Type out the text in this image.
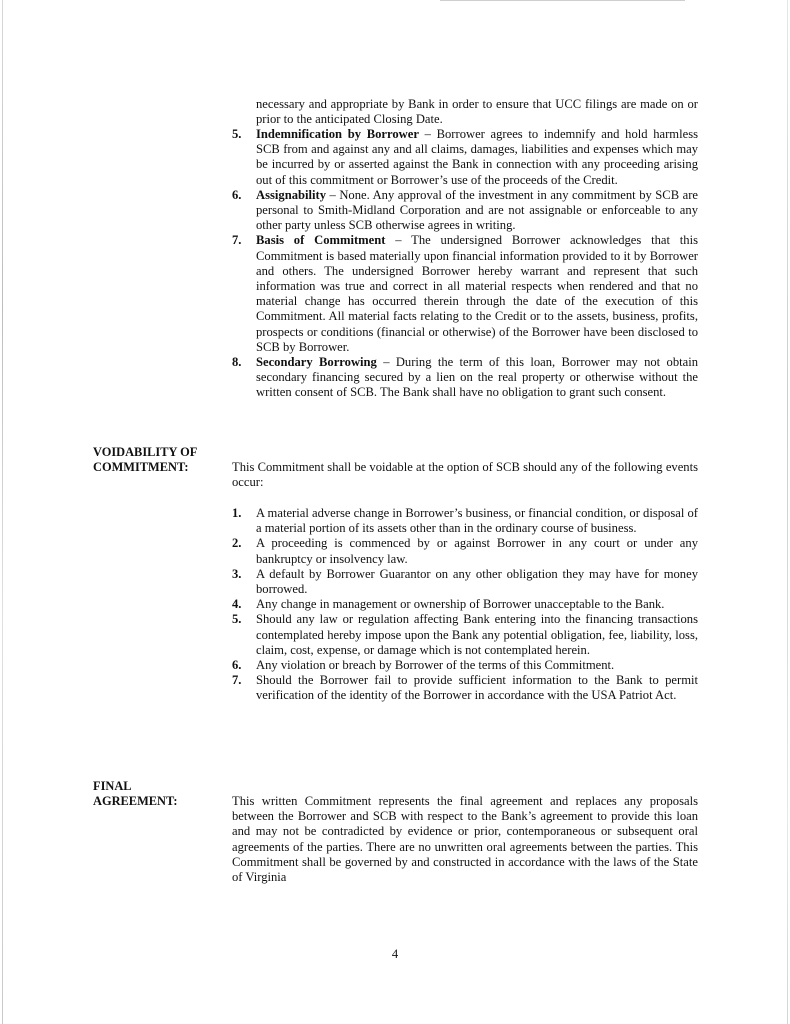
necessary and appropriate by Bank in order to ensure that UCC filings are made on or prior to the anticipated Closing Date.

5. Indemnification by Borrower – Borrower agrees to indemnify and hold harmless SCB from and against any and all claims, damages, liabilities and expenses which may be incurred by or asserted against the Bank in connection with any proceeding arising out of this commitment or Borrower’s use of the proceeds of the Credit.
6. Assignability – None. Any approval of the investment in any commitment by SCB are personal to Smith-Midland Corporation and are not assignable or enforceable to any other party unless SCB otherwise agrees in writing.
7. Basis of Commitment – The undersigned Borrower acknowledges that this Commitment is based materially upon financial information provided to it by Borrower and others. The undersigned Borrower hereby warrant and represent that such information was true and correct in all material respects when rendered and that no material change has occurred therein through the date of the execution of this Commitment. All material facts relating to the Credit or to the assets, business, profits, prospects or conditions (financial or otherwise) of the Borrower have been disclosed to SCB by Borrower.
8. Secondary Borrowing – During the term of this loan, Borrower may not obtain secondary financing secured by a lien on the real property or otherwise without the written consent of SCB. The Bank shall have no obligation to grant such consent.
VOIDABILITY OF
COMMITMENT:	This Commitment shall be voidable at the option of SCB should any of the following events occur:

1. A material adverse change in Borrower’s business, or financial condition, or disposal of a material portion of its assets other than in the ordinary course of business.
2. A proceeding is commenced by or against Borrower in any court or under any bankruptcy or insolvency law.
3. A default by Borrower Guarantor on any other obligation they may have for money borrowed.
4. Any change in management or ownership of Borrower unacceptable to the Bank.
5. Should any law or regulation affecting Bank entering into the financing transactions contemplated hereby impose upon the Bank any potential obligation, fee, liability, loss, claim, cost, expense, or damage which is not contemplated herein.
6. Any violation or breach by Borrower of the terms of this Commitment.
7. Should the Borrower fail to provide sufficient information to the Bank to permit verification of the identity of the Borrower in accordance with the USA Patriot Act.
FINAL
AGREEMENT:	This written Commitment represents the final agreement and replaces any proposals between the Borrower and SCB with respect to the Bank’s agreement to provide this loan and may not be contradicted by evidence or prior, contemporaneous or subsequent oral agreements of the parties. There are no unwritten oral agreements between the parties. This Commitment shall be governed by and constructed in accordance with the laws of the State of Virginia

4
